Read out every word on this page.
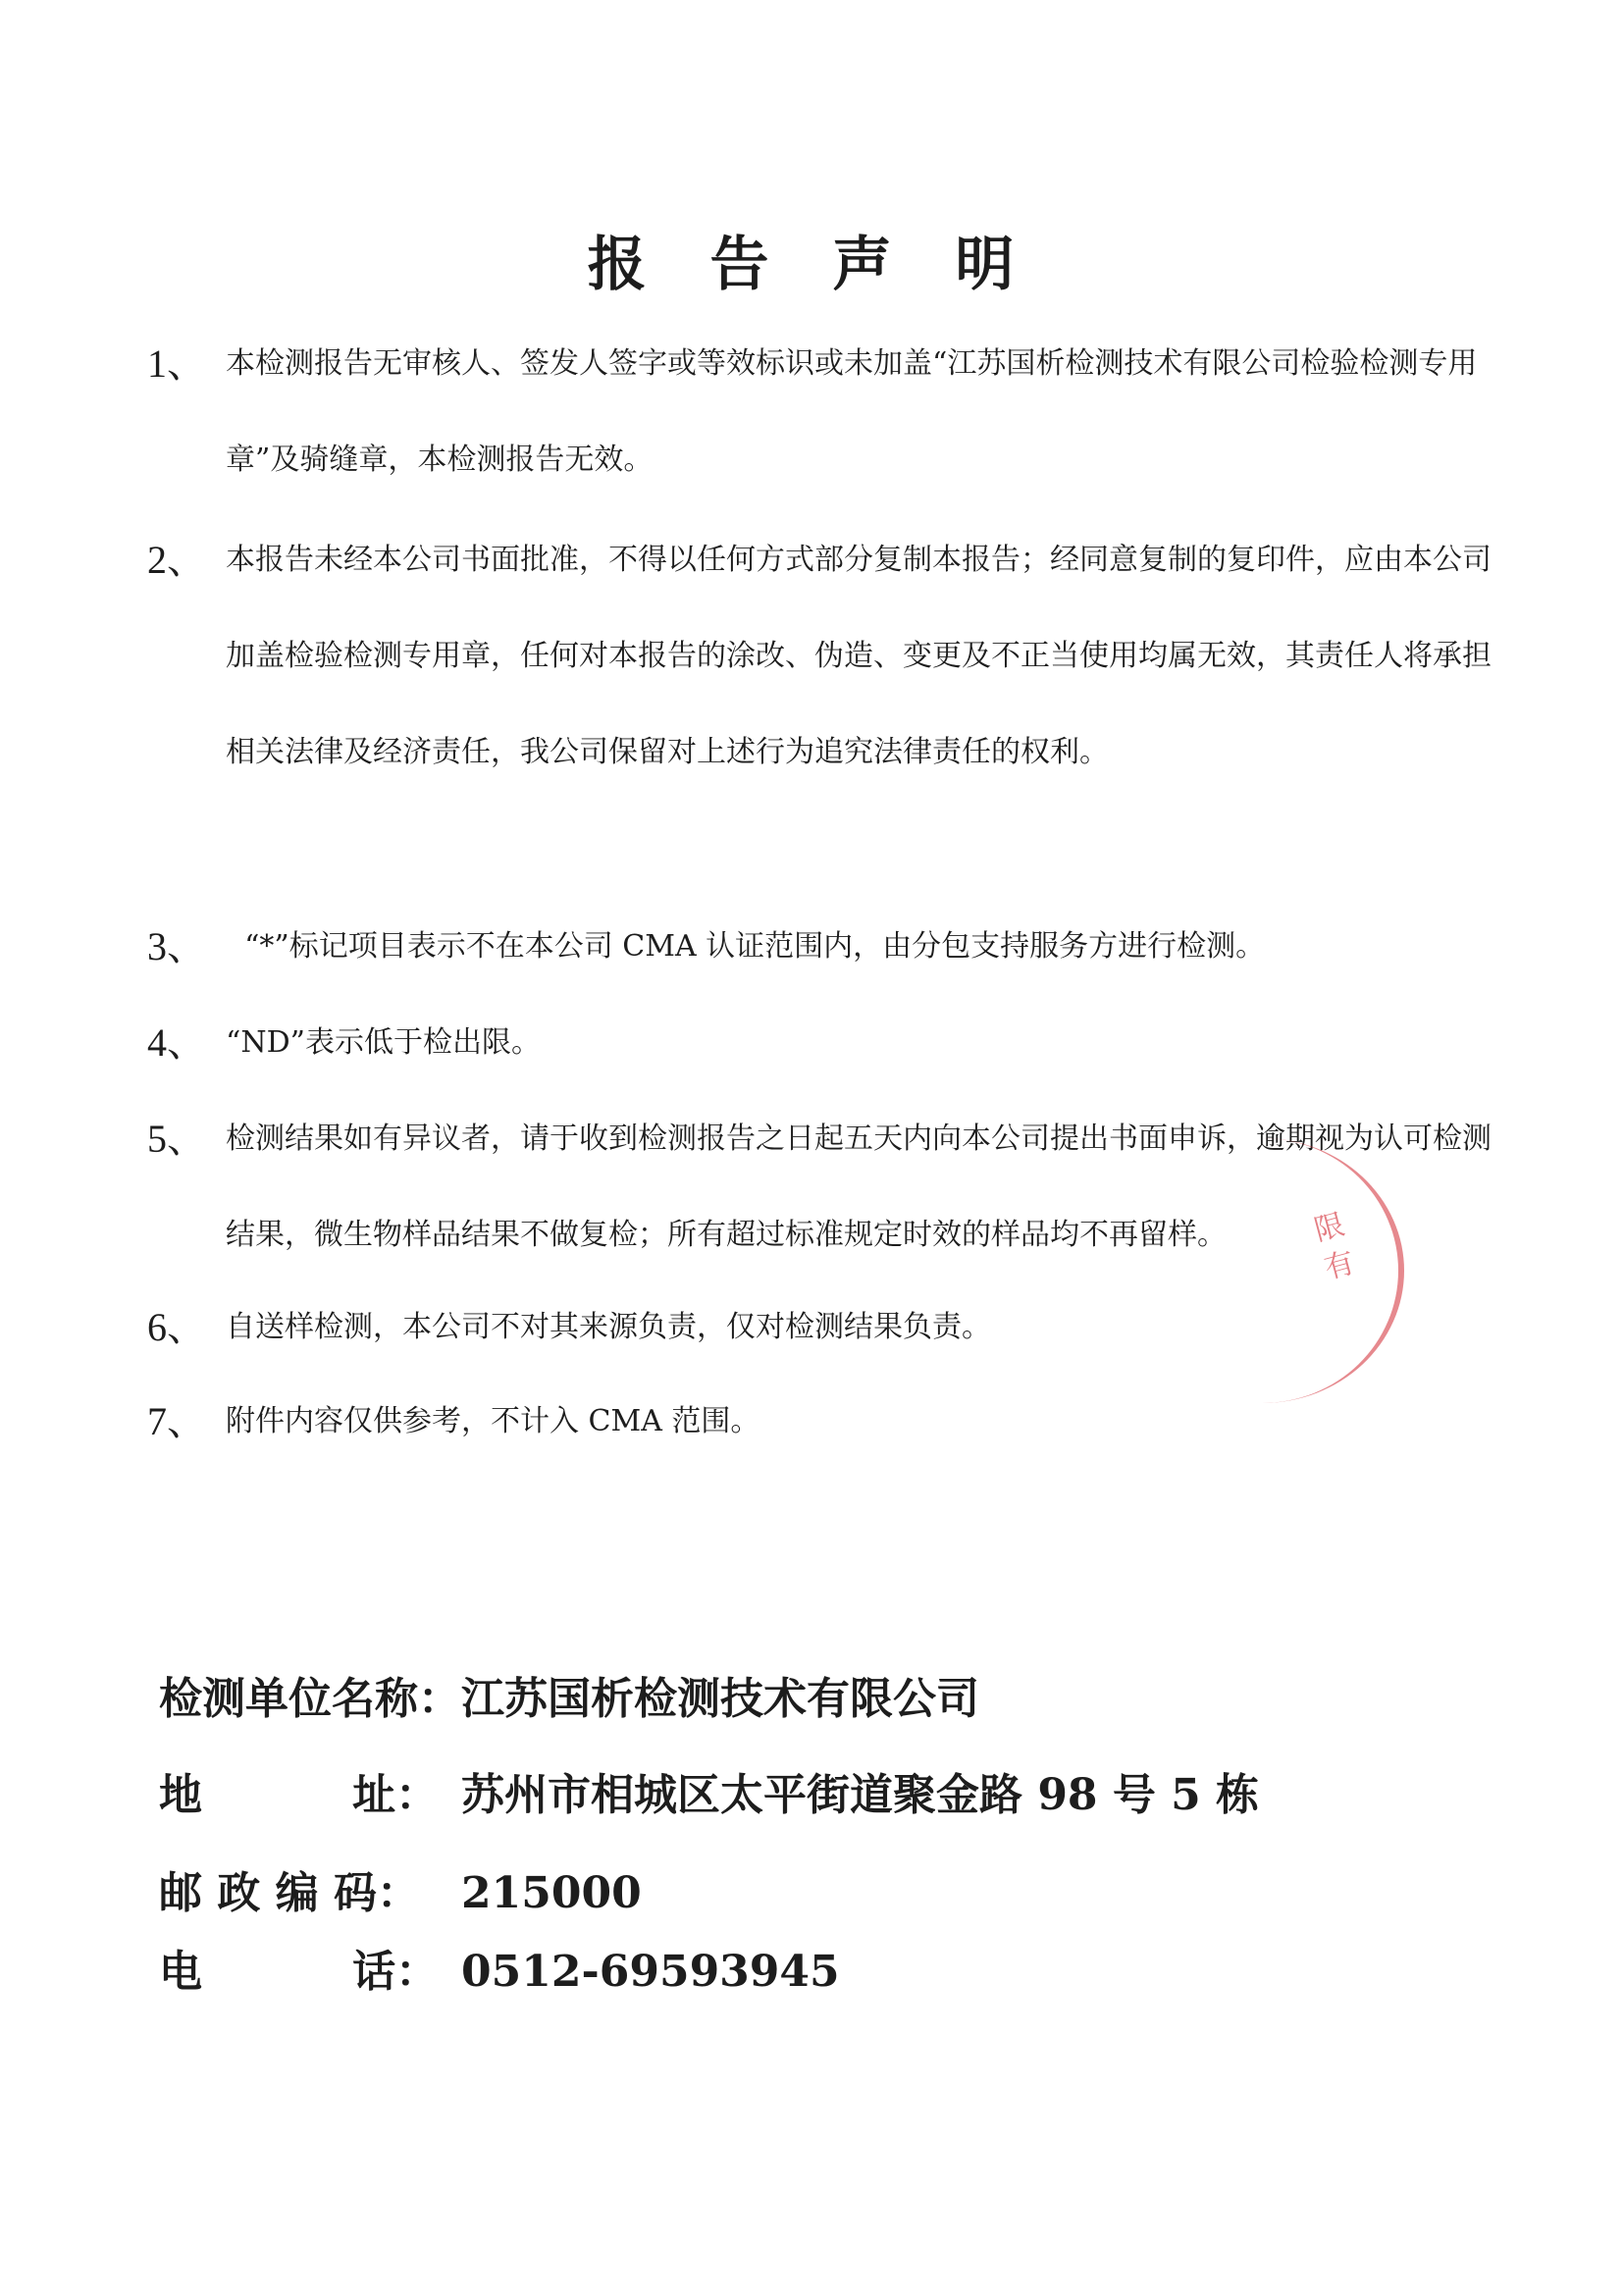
报 告 声 明
1、 本检测报告无审核人、签发人签字或等效标识或未加盖“江苏国析检测技术有限公司检验检测专用章”及骑缝章，本检测报告无效。
2、 本报告未经本公司书面批准，不得以任何方式部分复制本报告；经同意复制的复印件，应由本公司加盖检验检测专用章，任何对本报告的涂改、伪造、变更及不正当使用均属无效，其责任人将承担相关法律及经济责任，我公司保留对上述行为追究法律责任的权利。
3、 “*”标记项目表示不在本公司 CMA 认证范围内，由分包支持服务方进行检测。
4、 “ND”表示低于检出限。
5、 检测结果如有异议者，请于收到检测报告之日起五天内向本公司提出书面申诉，逾期视为认可检测结果，微生物样品结果不做复检；所有超过标准规定时效的样品均不再留样。
6、 自送样检测，本公司不对其来源负责，仅对检测结果负责。
7、 附件内容仅供参考，不计入 CMA 范围。
检测单位名称：江苏国析检测技术有限公司
地          址： 苏州市相城区太平街道聚金路 98 号 5 栋
邮 政 编 码： 215000
电          话： 0512-69593945
限有
